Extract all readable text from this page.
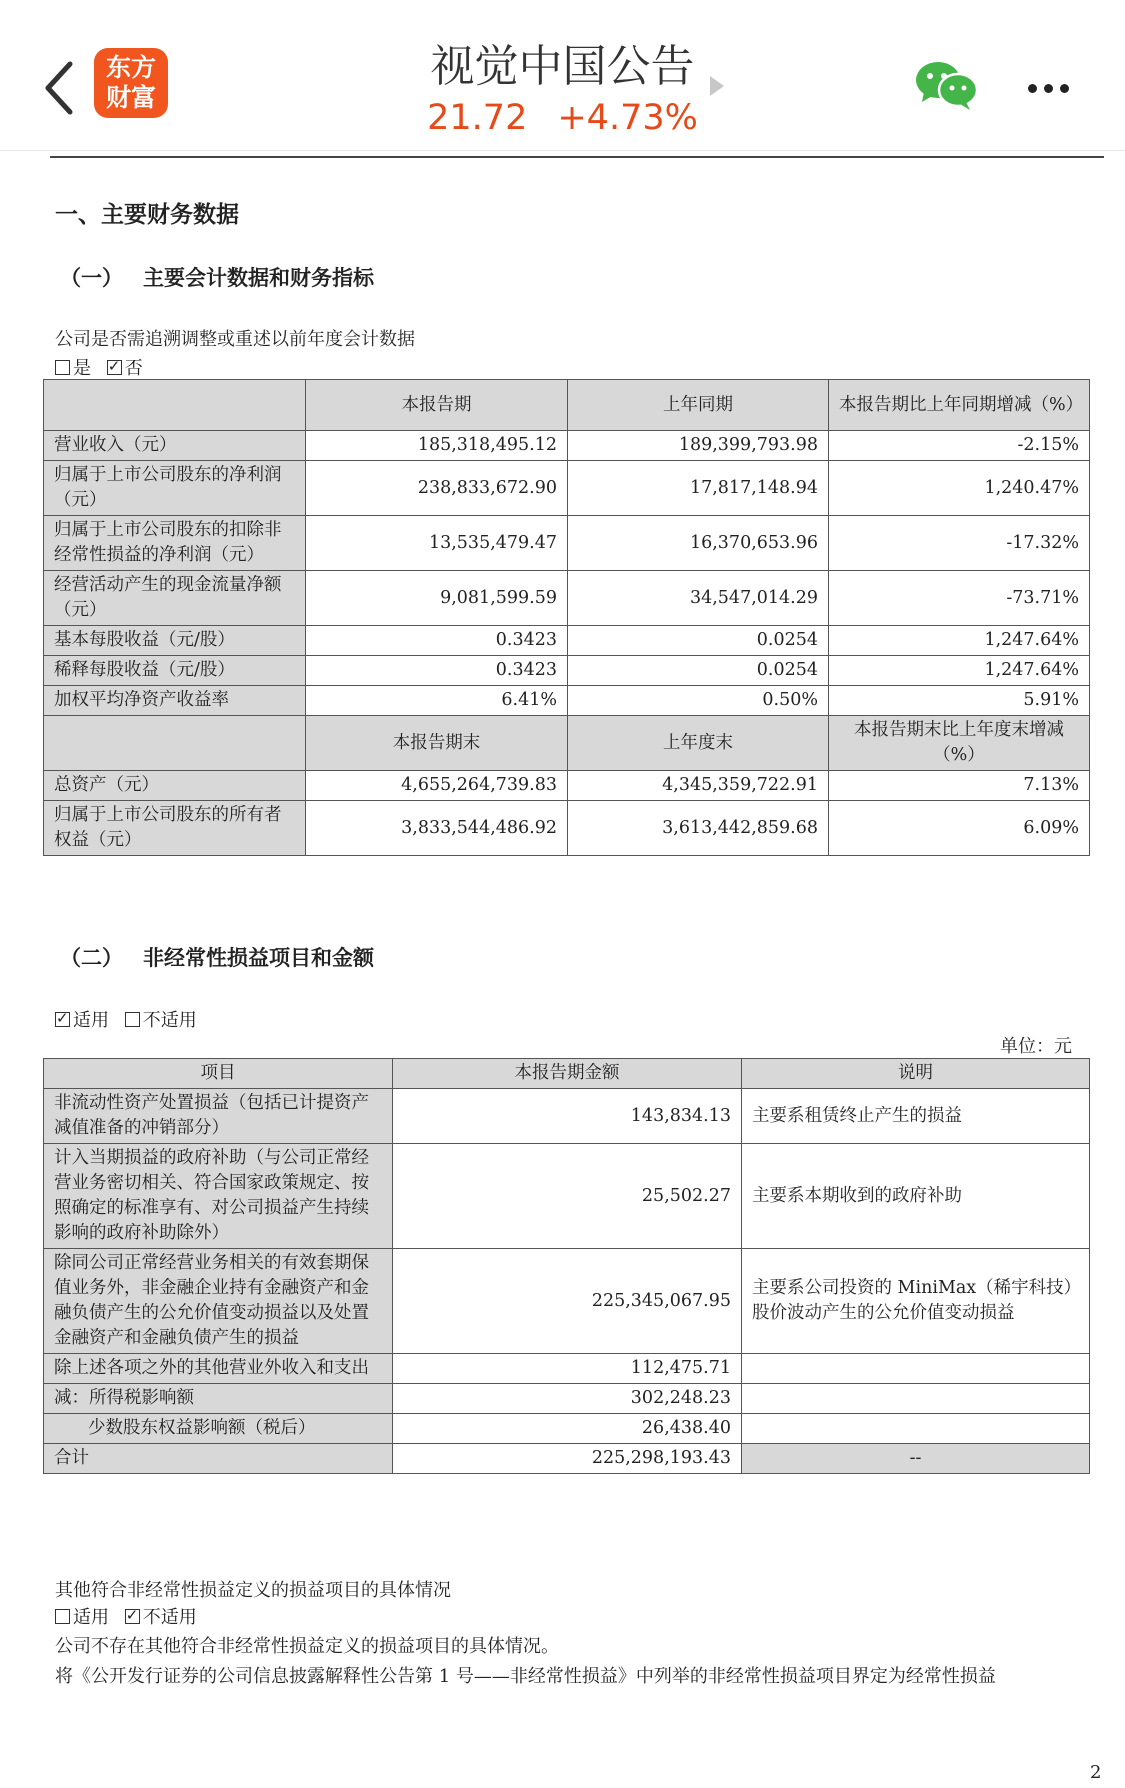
东方
财富
视觉中国公告
21.72 +4.73%
一、主要财务数据
（一） 主要会计数据和财务指标
公司是否需追溯调整或重述以前年度会计数据
是 ✓ 否
	本报告期	上年同期	本报告期比上年同期增减（%）
营业收入（元）	185,318,495.12	189,399,793.98	-2.15%
归属于上市公司股东的净利润（元）	238,833,672.90	17,817,148.94	1,240.47%
归属于上市公司股东的扣除非经常性损益的净利润（元）	13,535,479.47	16,370,653.96	-17.32%
经营活动产生的现金流量净额（元）	9,081,599.59	34,547,014.29	-73.71%
基本每股收益（元/股）	0.3423	0.0254	1,247.64%
稀释每股收益（元/股）	0.3423	0.0254	1,247.64%
加权平均净资产收益率	6.41%	0.50%	5.91%
	本报告期末	上年度末	本报告期末比上年度末增减（%）
总资产（元）	4,655,264,739.83	4,345,359,722.91	7.13%
归属于上市公司股东的所有者权益（元）	3,833,544,486.92	3,613,442,859.68	6.09%
（二） 非经常性损益项目和金额
✓适用 不适用
单位：元
项目	本报告期金额	说明
非流动性资产处置损益（包括已计提资产减值准备的冲销部分）	143,834.13	主要系租赁终止产生的损益
计入当期损益的政府补助（与公司正常经营业务密切相关、符合国家政策规定、按照确定的标准享有、对公司损益产生持续影响的政府补助除外）	25,502.27	主要系本期收到的政府补助
除同公司正常经营业务相关的有效套期保值业务外，非金融企业持有金融资产和金融负债产生的公允价值变动损益以及处置金融资产和金融负债产生的损益	225,345,067.95	主要系公司投资的 MiniMax（稀宇科技）股价波动产生的公允价值变动损益
除上述各项之外的其他营业外收入和支出	112,475.71	
减：所得税影响额	302,248.23	
少数股东权益影响额（税后）	26,438.40	
合计	225,298,193.43	--
其他符合非经常性损益定义的损益项目的具体情况
适用 ✓ 不适用
公司不存在其他符合非经常性损益定义的损益项目的具体情况。
将《公开发行证券的公司信息披露解释性公告第 1 号——非经常性损益》中列举的非经常性损益项目界定为经常性损益
2
